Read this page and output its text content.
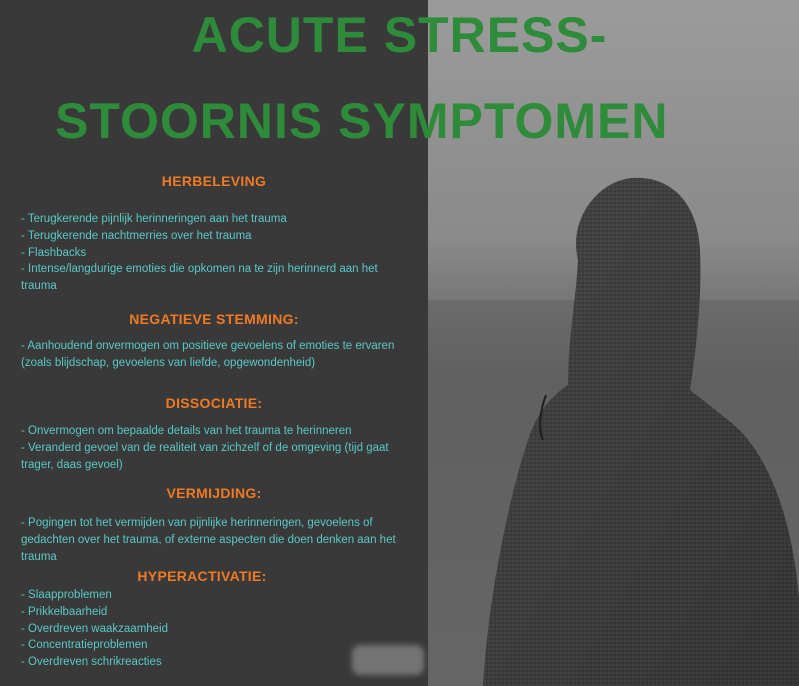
ACUTE STRESS-
STOORNIS SYMPTOMEN
HERBELEVING
- Terugkerende pijnlijk herinneringen aan het trauma
- Terugkerende nachtmerries over het trauma
- Flashbacks
- Intense/langdurige emoties die opkomen na te zijn herinnerd aan het trauma
NEGATIEVE STEMMING:
- Aanhoudend onvermogen om positieve gevoelens of emoties te ervaren (zoals blijdschap, gevoelens van liefde, opgewondenheid)
DISSOCIATIE:
- Onvermogen om bepaalde details van het trauma te herinneren
- Veranderd gevoel van de realiteit van zichzelf of de omgeving (tijd gaat trager, daas gevoel)
VERMIJDING:
- Pogingen tot het vermijden van pijnlijke herinneringen, gevoelens of gedachten over het trauma, of externe aspecten die doen denken aan het trauma
HYPERACTIVATIE:
- Slaapproblemen
- Prikkelbaarheid
- Overdreven waakzaamheid
- Concentratieproblemen
- Overdreven schrikreacties
